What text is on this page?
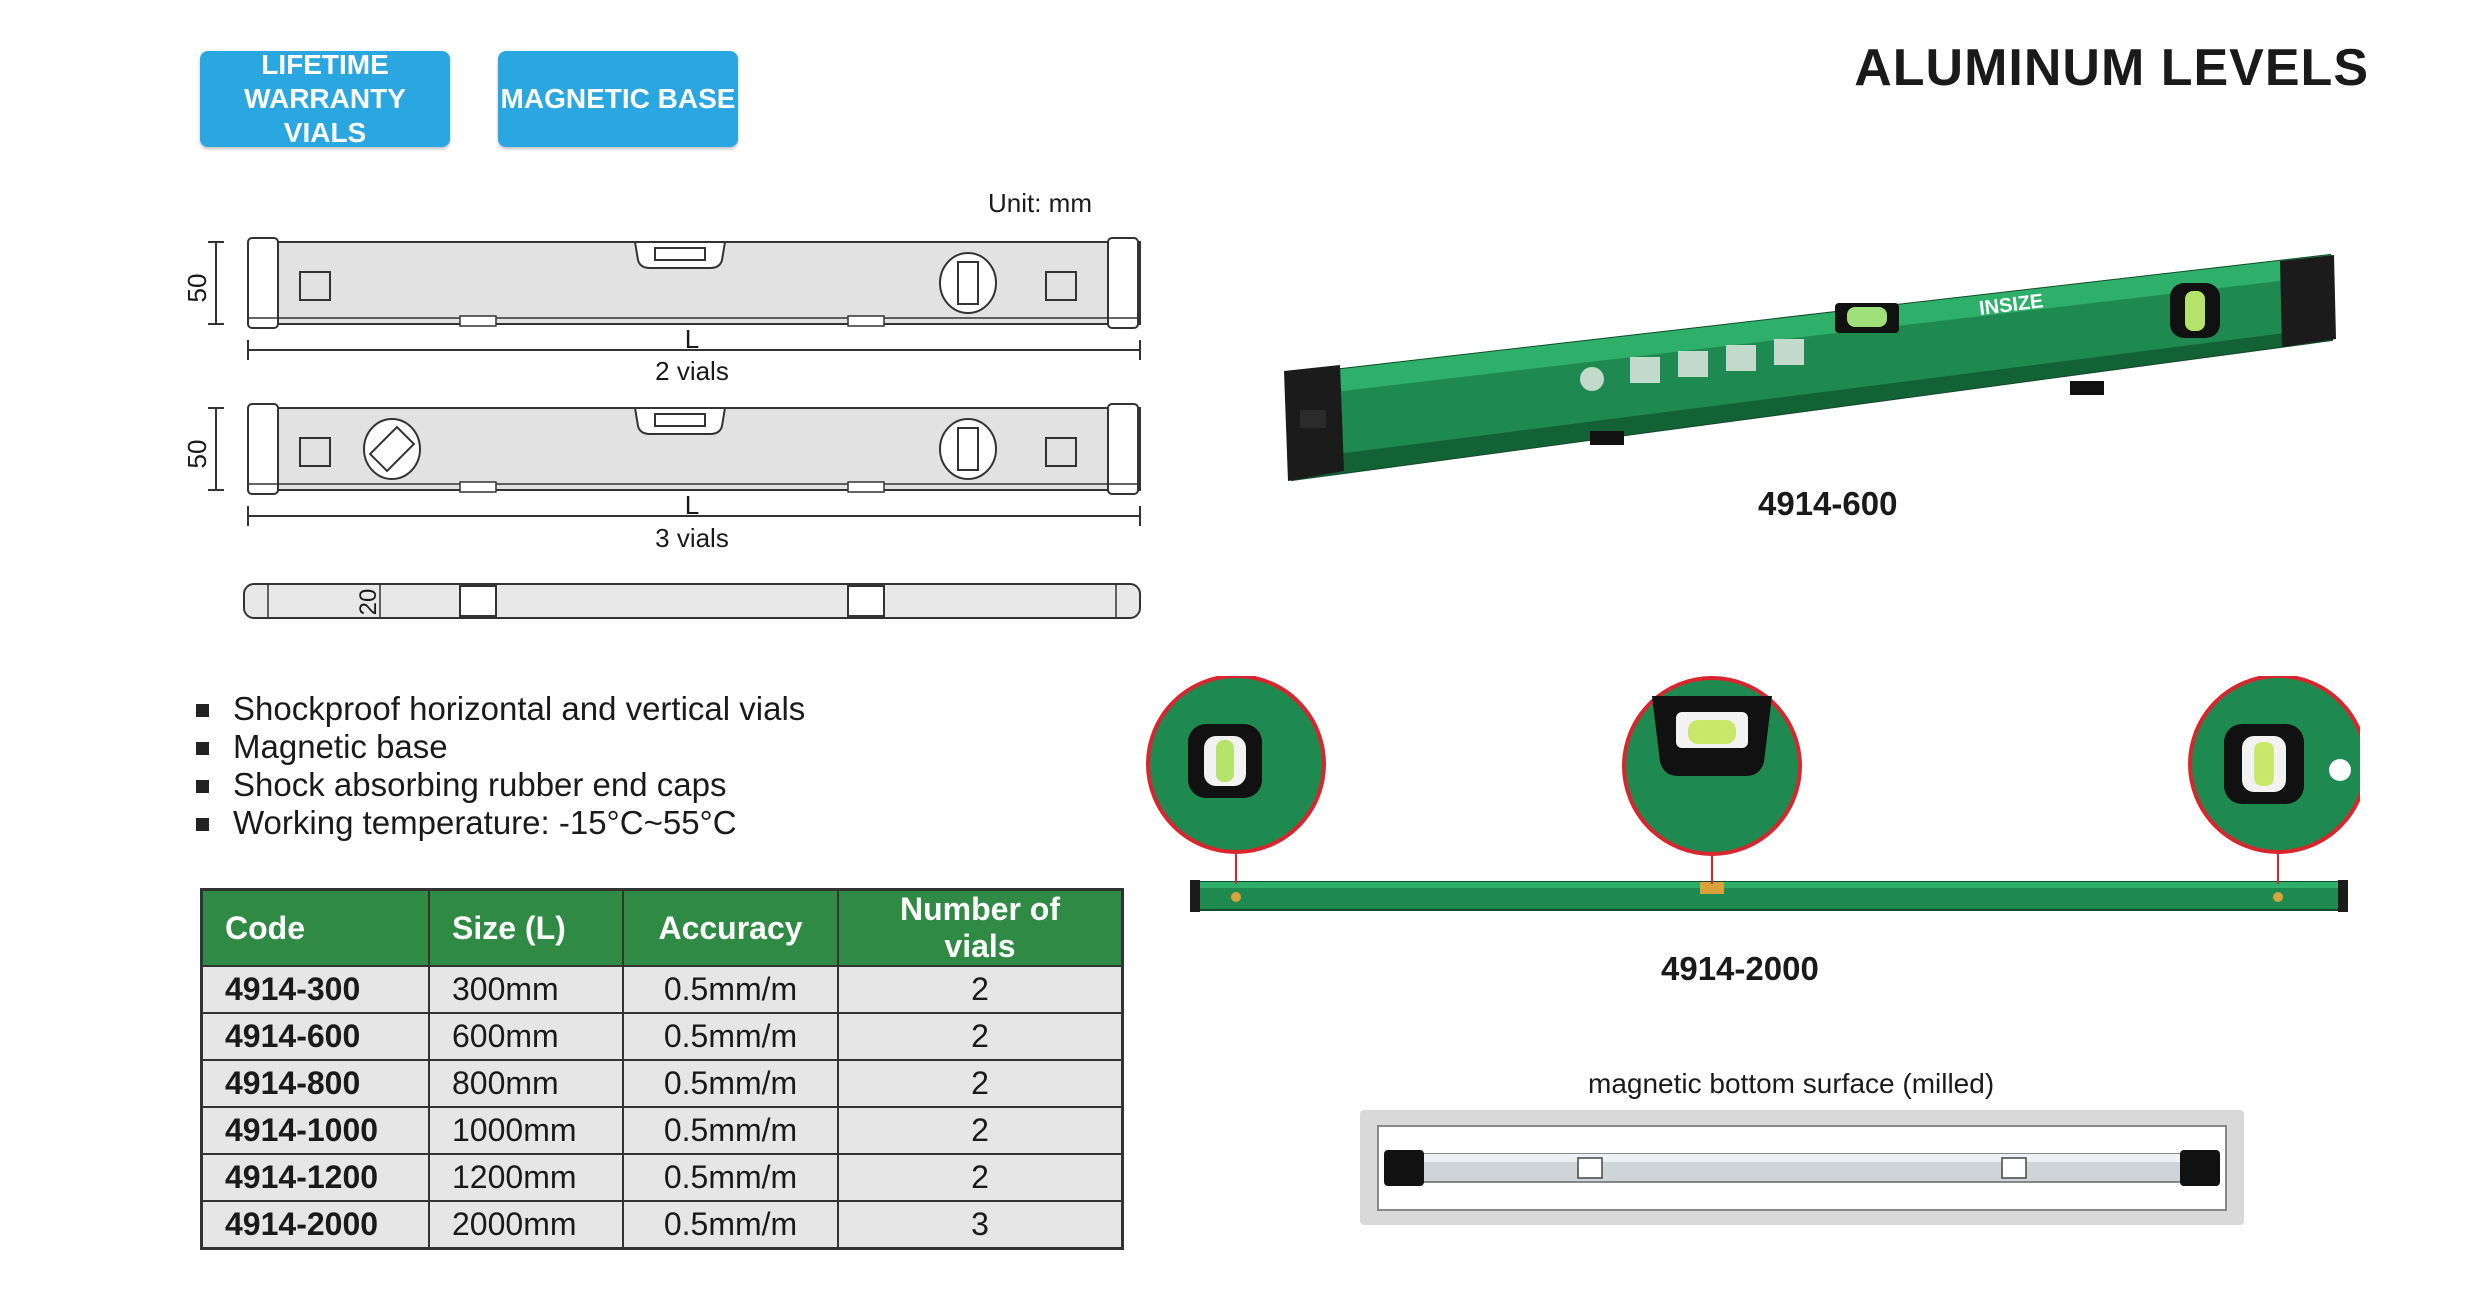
LIFETIME
WARRANTY VIALS
MAGNETIC BASE
ALUMINUM LEVELS
Unit: mm
50
L
2 vials
50
L
3 vials
20
INSIZE
4914-600
4914-2000
magnetic bottom surface (milled)
Shockproof horizontal and vertical vials
Magnetic base
Shock absorbing rubber end caps
Working temperature: -15°C~55°C
Code	Size (L)	Accuracy	Number of vials
4914-300	300mm	0.5mm/m	2
4914-600	600mm	0.5mm/m	2
4914-800	800mm	0.5mm/m	2
4914-1000	1000mm	0.5mm/m	2
4914-1200	1200mm	0.5mm/m	2
4914-2000	2000mm	0.5mm/m	3
